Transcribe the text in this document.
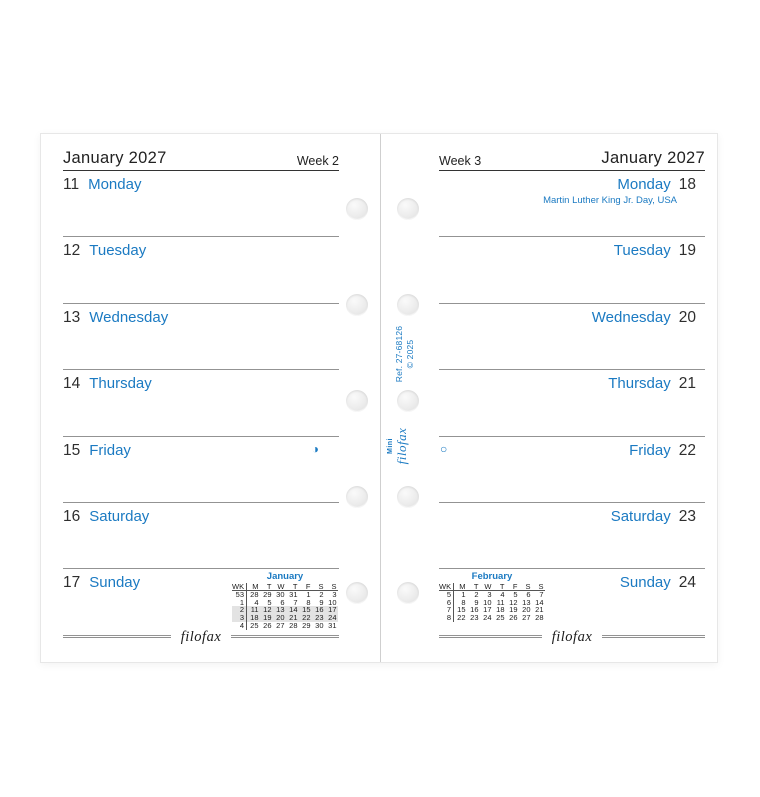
Ref. 27-68126 © 2025
Mini filofax
January 2027	Week 2
11 Monday
12 Tuesday
13 Wednesday
14 Thursday
15 Friday	◑
16 Saturday
17 Sunday	January
WK	M	T W	T	F	S	S
53 28 29 30 31	1	2	3
1	4	5	6	7	8	9 10
2 11 12 13 14 15 16 17
3 18 19 20 21 22 23 24
4 25 26 27 28 29 30 31
filofax
Week 3	January 2027
Monday 18
Martin Luther King Jr. Day, USA
Tuesday 19
Wednesday 20
Thursday 21
Friday 22
○
Saturday 23
Sunday 24
February
WK	M	T W	T	F	S	S
5	1	2	3	4	5	6	7
6	8	9 10 11 12 13 14
7 15 16 17 18 19 20 21
8 22 23 24 25 26 27 28
filofax
